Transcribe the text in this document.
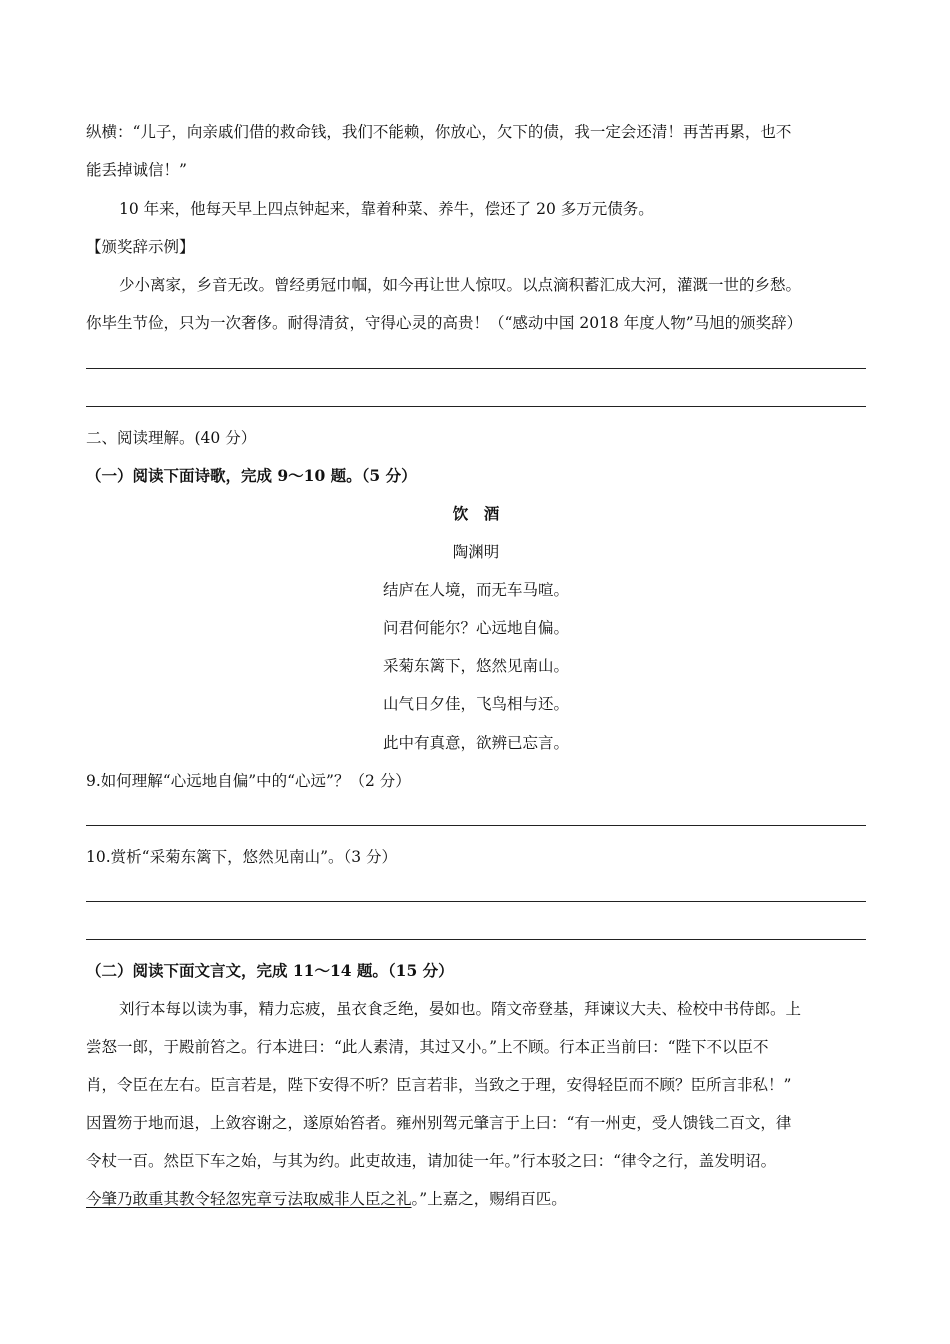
纵横：“儿子，向亲戚们借的救命钱，我们不能赖，你放心，欠下的债，我一定会还清！再苦再累，也不
能丢掉诚信！”
10 年来，他每天早上四点钟起来，靠着种菜、养牛，偿还了 20 多万元债务。
【颁奖辞示例】
少小离家，乡音无改。曾经勇冠巾帼，如今再让世人惊叹。以点滴积蓄汇成大河，灌溉一世的乡愁。
你毕生节俭，只为一次奢侈。耐得清贫，守得心灵的高贵！（“感动中国 2018 年度人物”马旭的颁奖辞）
二、阅读理解。(40 分）
（一）阅读下面诗歌，完成 9～10 题。（5 分）
饮　酒
陶渊明
结庐在人境，而无车马喧。
问君何能尔？心远地自偏。
采菊东篱下，悠然见南山。
山气日夕佳，飞鸟相与还。
此中有真意，欲辨已忘言。
9.如何理解“心远地自偏”中的“心远”？（2 分）
10.赏析“采菊东篱下，悠然见南山”。（3 分）
（二）阅读下面文言文，完成 11～14 题。（15 分）
刘行本每以读为事，精力忘疲，虽衣食乏绝，晏如也。隋文帝登基，拜谏议大夫、检校中书侍郎。上
尝怒一郎，于殿前笞之。行本进曰：“此人素清，其过又小。”上不顾。行本正当前曰：“陛下不以臣不
肖，令臣在左右。臣言若是，陛下安得不听？臣言若非，当致之于理，安得轻臣而不顾？臣所言非私！”
因置笏于地而退，上敛容谢之，遂原始笞者。雍州别驾元肇言于上曰：“有一州吏，受人馈钱二百文，律
令杖一百。然臣下车之始，与其为约。此吏故违，请加徒一年。”行本驳之曰：“律令之行，盖发明诏。
今肇乃敢重其教令轻忽宪章亏法取威非人臣之礼。”上嘉之，赐绢百匹。
